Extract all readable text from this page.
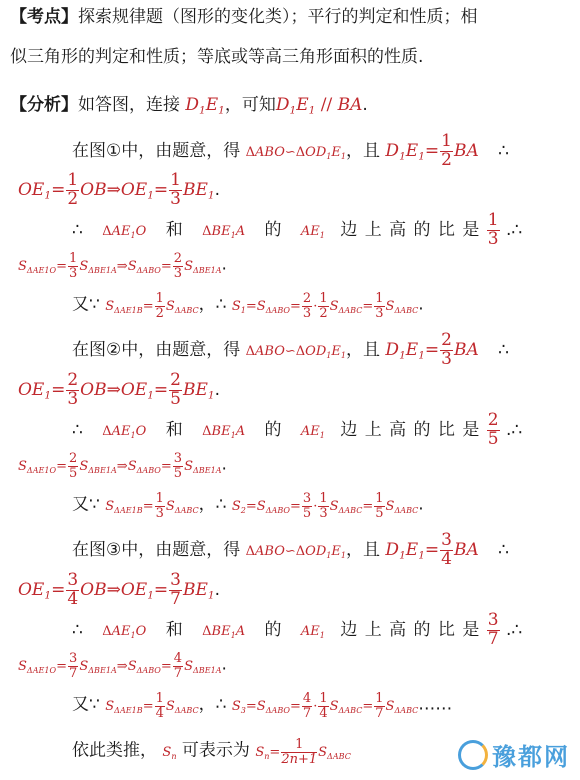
【考点】探索规律题（图形的变化类）；平行的判定和性质；相
似三角形的判定和性质；等底或等高三角形面积的性质.
【分析】如答图，连接 $D_1E_1$，可知$D_1E_1$ // BA.
在图①中，由题意，得 $\Delta ABO∽\Delta OD_1E_1$，且 $D_1E_1= \frac{1}{2}$ BA ∴
$OE_1= \frac{1}{2}$ $OB\Rightarrow OE_1= \frac{1}{3} BE_1$.
∴ $\Delta AE_1O$ 和 $\Delta BE_1A$ 的 $AE_1$ 边 上 高 的 比 是 $\frac{1}{3}$ .∴
$S_{\Delta AE1O}= \frac{1}{3}$ $S_{\Delta BE1A}\Rightarrow S_{\Delta ABO}= \frac{2}{3} S_{\Delta BE1A}$.
又∵ $S_{\Delta AE1B}= \frac{1}{2} S_{\Delta ABC}$，∴ $S_1=S_{\Delta ABO}= \frac{2}{3} \cdot \frac{1}{2} S_{\Delta ABC}= \frac{1}{3} S_{\Delta ABC}$.
在图②中，由题意，得 $\Delta ABO∽\Delta OD_1E_1$，且 $D_1E_1= \frac{2}{3}$ BA ∴
$OE_1= \frac{2}{3}$ $OB\Rightarrow OE_1= \frac{2}{5} BE_1$.
∴ $\Delta AE_1O$ 和 $\Delta BE_1A$ 的 $AE_1$ 边 上 高 的 比 是 $\frac{2}{5}$ .∴
$S_{\Delta AE1O}= \frac{2}{5}$ $S_{\Delta BE1A}\Rightarrow S_{\Delta ABO}= \frac{3}{5} S_{\Delta BE1A}$.
又∵ $S_{\Delta AE1B}= \frac{1}{3} S_{\Delta ABC}$，∴ $S_2=S_{\Delta ABO}= \frac{3}{5} \cdot \frac{1}{3} S_{\Delta ABC}= \frac{1}{5} S_{\Delta ABC}$.
在图③中，由题意，得 $\Delta ABO∽\Delta OD_1E_1$，且 $D_1E_1= \frac{3}{4}$ BA ∴
$OE_1= \frac{3}{4}$ $OB\Rightarrow OE_1= \frac{3}{7} BE_1$.
∴ $\Delta AE_1O$ 和 $\Delta BE_1A$ 的 $AE_1$ 边 上 高 的 比 是 $\frac{3}{7}$ .∴
$S_{\Delta AE1O}= \frac{3}{7}$ $S_{\Delta BE1A}\Rightarrow S_{\Delta ABO}= \frac{4}{7} S_{\Delta BE1A}$.
又∵ $S_{\Delta AE1B}= \frac{1}{4} S_{\Delta ABC}$，∴ $S_3=S_{\Delta ABO}= \frac{4}{7} \cdot \frac{1}{4} S_{\Delta ABC}= \frac{1}{7}$ $S_{\Delta ABC}\dots\dots$
依此类推， $S_n$ 可表示为 $S_n= \frac{1}{2n+1} S_{\Delta ABC}$	豫都网
